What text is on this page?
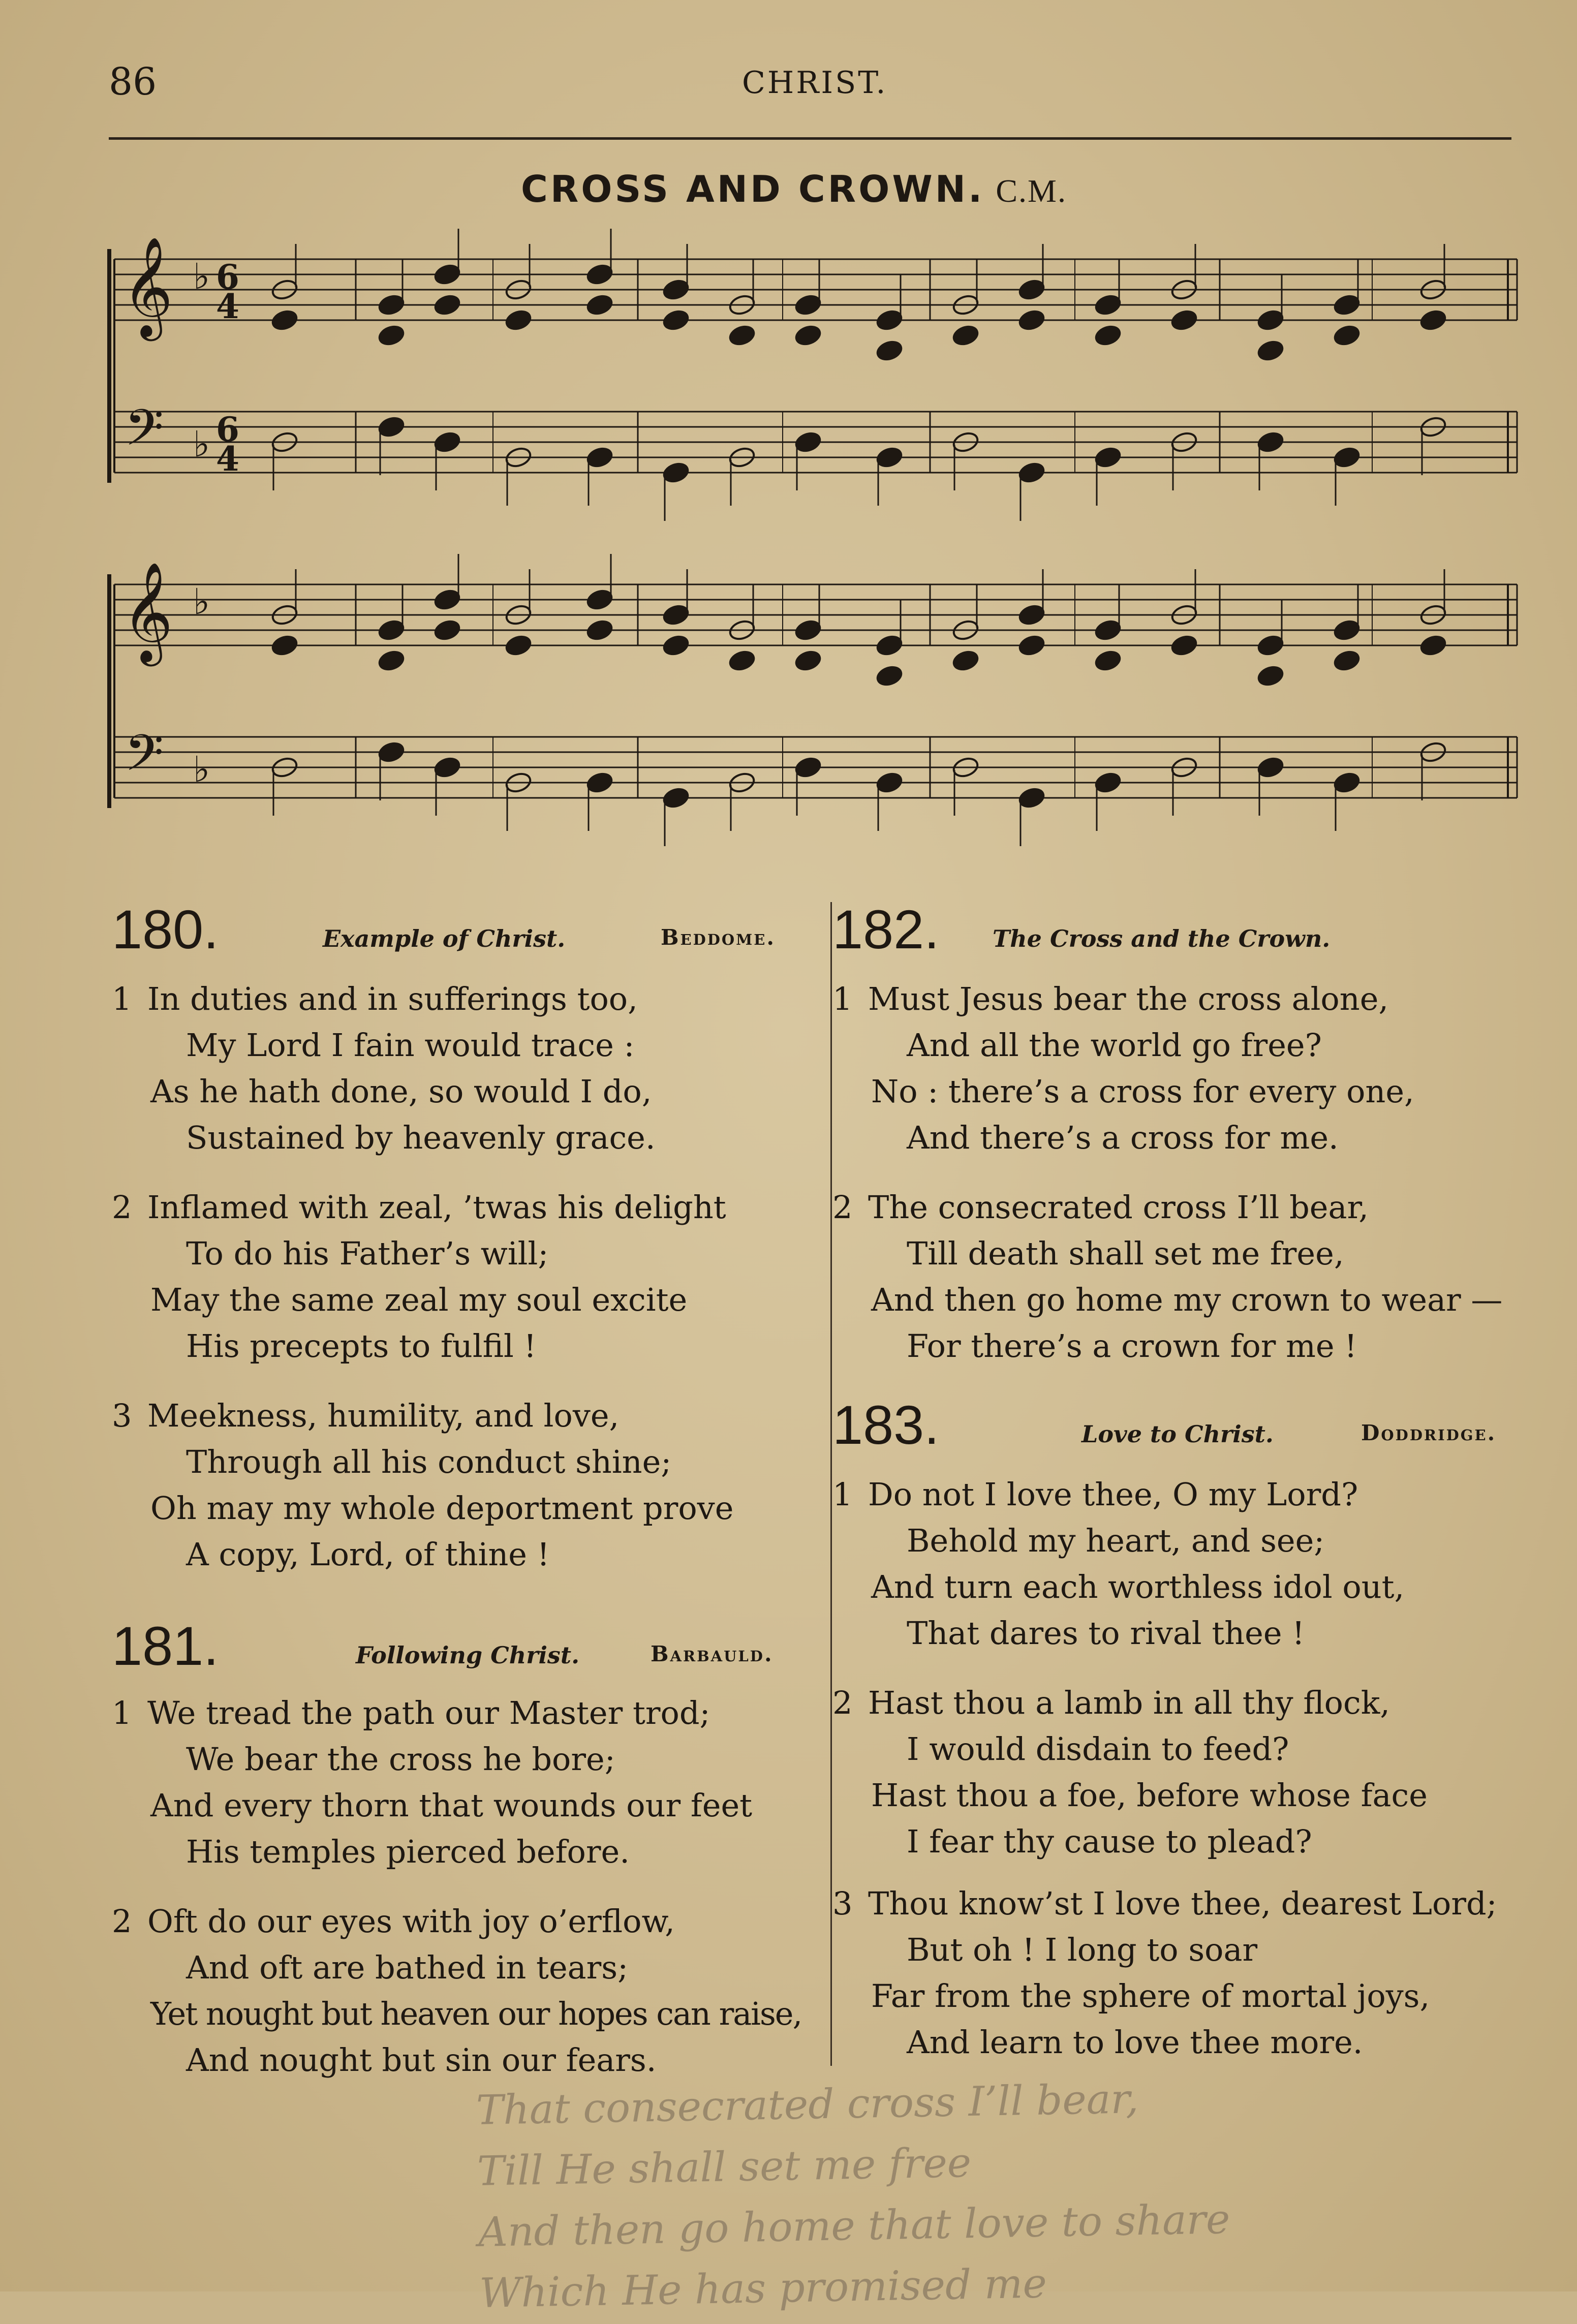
86	CHRIST.
CROSS AND CROWN. C.M.
𝄞
𝄢
♭
♭
6
6
4
4
𝄞
𝄢
♭
♭
180.	Example of Christ.	Beddome.
1 In duties and in sufferings too,
My Lord I fain would trace :
As he hath done, so would I do,
Sustained by heavenly grace.
2 Inflamed with zeal, ’twas his delight
To do his Father’s will;
May the same zeal my soul excite
His precepts to fulfil !
3 Meekness, humility, and love,
Through all his conduct shine;
Oh may my whole deportment prove
A copy, Lord, of thine !
181.	Following Christ.	Barbauld.
1 We tread the path our Master trod;
We bear the cross he bore;
And every thorn that wounds our feet
His temples pierced before.
2 Oft do our eyes with joy o’erflow,
And oft are bathed in tears;
Yet nought but heaven our hopes can raise,
And nought but sin our fears.
182. The Cross and the Crown.
1 Must Jesus bear the cross alone,
And all the world go free?
No : there’s a cross for every one,
And there’s a cross for me.
2 The consecrated cross I’ll bear,
Till death shall set me free,
And then go home my crown to wear —
For there’s a crown for me !
183.	Love to Christ.	Doddridge.
1 Do not I love thee, O my Lord?
Behold my heart, and see;
And turn each worthless idol out,
That dares to rival thee !
2 Hast thou a lamb in all thy flock,
I would disdain to feed?
Hast thou a foe, before whose face
I fear thy cause to plead?
3 Thou know’st I love thee, dearest Lord;
But oh ! I long to soar
Far from the sphere of mortal joys,
And learn to love thee more.
That consecrated cross I’ll bear,
Till He shall set me free
And then go home that love to share
Which He has promised me
